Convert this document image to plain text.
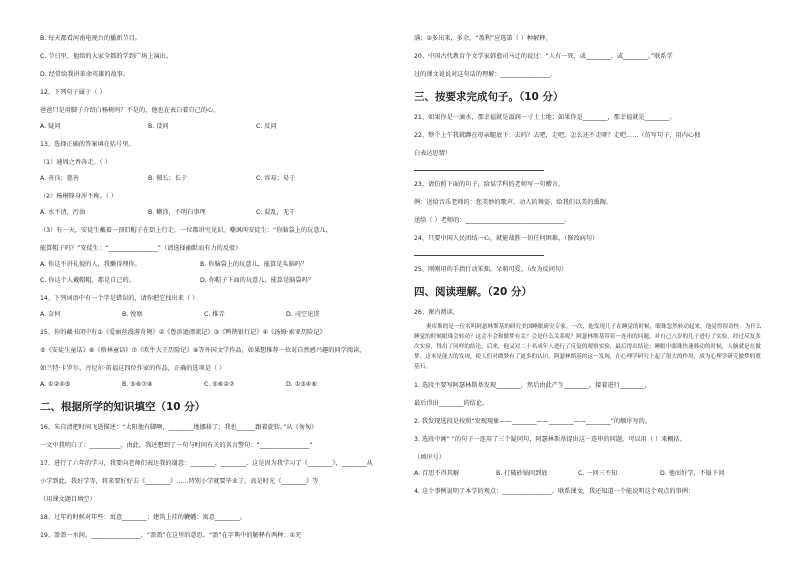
B. 每天都看河南电视台的播新节目。
C. 节日里，他给的大家全都的学到广场上演出。
D. 经常给我讲革命英雄的故事。
12、下列句子属于（ ）
爸爸只是用脚子介绍白杨树吗？不是的，他也在表白着自己的心。
A. 疑问	B. 设问	C. 反问
13、选择正确的答案填在括号里。
（1）通周之香奔走。（ ）
A. 善良；慈善	B. 擅长；长于	C. 容易；易于
（2）杨桐锋身浑不称。（ ）
A. 水不清，污浊	B. 糊涂，不明白事理	C. 混乱，无干
（3）有一天，安徒生戴着一顶旧帽子在街上行走，一位都讲究见识。嘲讽叫安徒生：“你脑袋上的玩意儿，
能算帽子吗？”安徒生：“________________”（请选择幽默而有力的反驳）
A. 你这不讲礼貌的人，我懒得理你。	B. 你脑袋上的玩意儿，能算是头脑吗？
C. 你这个人戴帽帽，都是自己的。	D. 你帽子下面的玩意儿，能算是脑袋吗？
14、下列词语中有一个字是错误的，请你把它找出来（ ）
A. 奈何	B. 悦察	C. 推弄	D. 司空见贯
15、你的藏书闭中有①《爱丽丝漫游奇境》②《鲁滨逊漂流记》③《鸭鹊银行记》④《汤姆·索亚历险记》
⑤《安徒生童话》⑥《格林童话》⑦《吹牛大王历险记》⑧等外国文学作品，如果想推荐一位对自然感兴趣的同学阅读，
如兰特·卡罗尔、丹尼尔·笛福这四位作家的作品，正确的选项是（ ）
A. ①②④⑤	B. ⑤⑥⑦⑧	C. ⑤⑥②⑦	D. ①③④⑥
二、根据所学的知识填空（10 分）
16、朱自清把时间飞逝描述：“太阳他有脚啊，________地挪移了；我也______跟着旋转。”从《匆匆》
一文中我明白了：__________。由此，我还想到了一句与时间有关的名言警句：“________________”
17、进行了六年的学习，我要向老师们表达我的谢意：________，________。这是因为我学习了《________》，________从
小学到此，我好学等，将来要好好去《________》……特别小学就要毕业了，真是时光《________》等
（用课文题目填空）
18、过年的时候对年些：寓意________；建筑上挂的鞭幡：寓意________。
19、盈盈一水间，________________。“盈盈”在这里的意思。“盈”在字典中的解释有两种：①充
满；②多出来，多余。“盈利”应选第（ ）种解释。
20、中国古代教育个文学家韩愈司马迁的说过：“人有一死，或________，或________。”联系学
过的课文说说对这句话的理解：________________。
三、按要求完成句子。（10 分）
21、如果你是一滴水，那幸福就是滋润一寸土土地；如果你是________，那幸福就是________。
22、整个上午我就蹲在母亲腿底下：去吗？去吧，走吧。怎么还不走呀？走吧……（仿写句子，用内心独
白表达思情）
23、请仿照下面的句子，给某学科的老师写一句赠言。
例：送给音乐老师的：您美妙的歌声、动人的舞姿，给我们以美的熏陶。
送给（ ）老师的：________________________________。
24、只要中国人民团结一心，就能战胜一切任何困难。（修改病句）
25、刚刚用的手指行动笨拙，呆萌可爱。（改为反问句）
四、阅读理解。（20 分）
26、课内阅读。
奥库斯的是一位名叫阿瑟林斯基的研究美国睡眠研究专家。一次，他发现儿子在睡觉的时候，眼珠忽然转动起来。他觉得很奇怪：为什么睡觉的时候眼珠会转动？这会不会和做梦有关？会是什么关系呢？阿瑟林斯基带着一连串的问题，对自己八岁的儿子进行了实验，经过反复多次实验，得出了同样的结论。后来，他又对二十名成年人进行了反复的观察实验，最后得出结论：睡眠中眼珠快速移动的时候，人脑就是在做梦。这本是能大的发现，使人们对做梦有了更多的认识，阿瑟林斯基的这一发现，在心理学研究上起了很大的作用，成为心理学研究做梦的奠基石。
1. 选段主要写阿瑟林斯基发现________，然后由此产生________，接着进行________，
最后得出________的结论。
2. 我发现选段是按照“发现现象——________——________——________”的顺序写的。
3. 选段中画“ ”的句子一连用了三个疑问句，阿瑟林斯基提出这一连串的问题，可以用（ ）来概括。
（填序号）
A. 百思不得其解	B. 打破砂锅问到底	C. 一问三不知	D. 他而好学，不耻下问
4. 这个事例说明了本学的观点：________________。联系课文，我还知道一个能说明这个观点的事例：
